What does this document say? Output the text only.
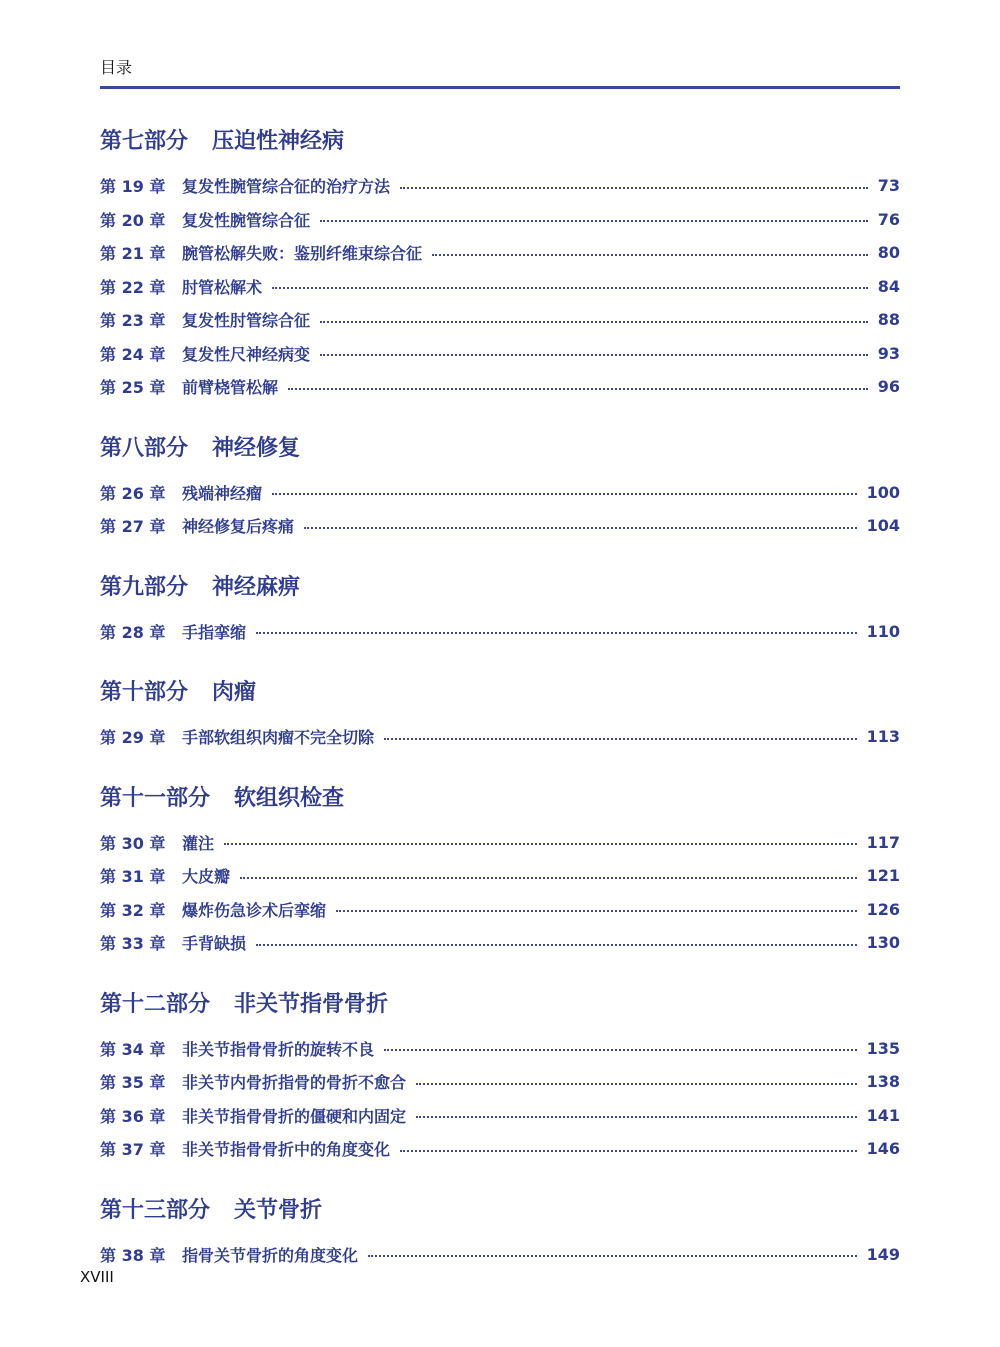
目录
第七部分 压迫性神经病
第 19 章	复发性腕管综合征的治疗方法	73
第 20 章	复发性腕管综合征	76
第 21 章	腕管松解失败：鉴别纤维束综合征	80
第 22 章	肘管松解术	84
第 23 章	复发性肘管综合征	88
第 24 章	复发性尺神经病变	93
第 25 章	前臂桡管松解	96
第八部分 神经修复
第 26 章	残端神经瘤	100
第 27 章	神经修复后疼痛	104
第九部分 神经麻痹
第 28 章	手指挛缩	110
第十部分 肉瘤
第 29 章	手部软组织肉瘤不完全切除	113
第十一部分 软组织检查
第 30 章	灌注	117
第 31 章	大皮瓣	121
第 32 章	爆炸伤急诊术后挛缩	126
第 33 章	手背缺损	130
第十二部分 非关节指骨骨折
第 34 章	非关节指骨骨折的旋转不良	135
第 35 章	非关节内骨折指骨的骨折不愈合	138
第 36 章	非关节指骨骨折的僵硬和内固定	141
第 37 章	非关节指骨骨折中的角度变化	146
第十三部分 关节骨折
第 38 章	指骨关节骨折的角度变化	149
XVIII
